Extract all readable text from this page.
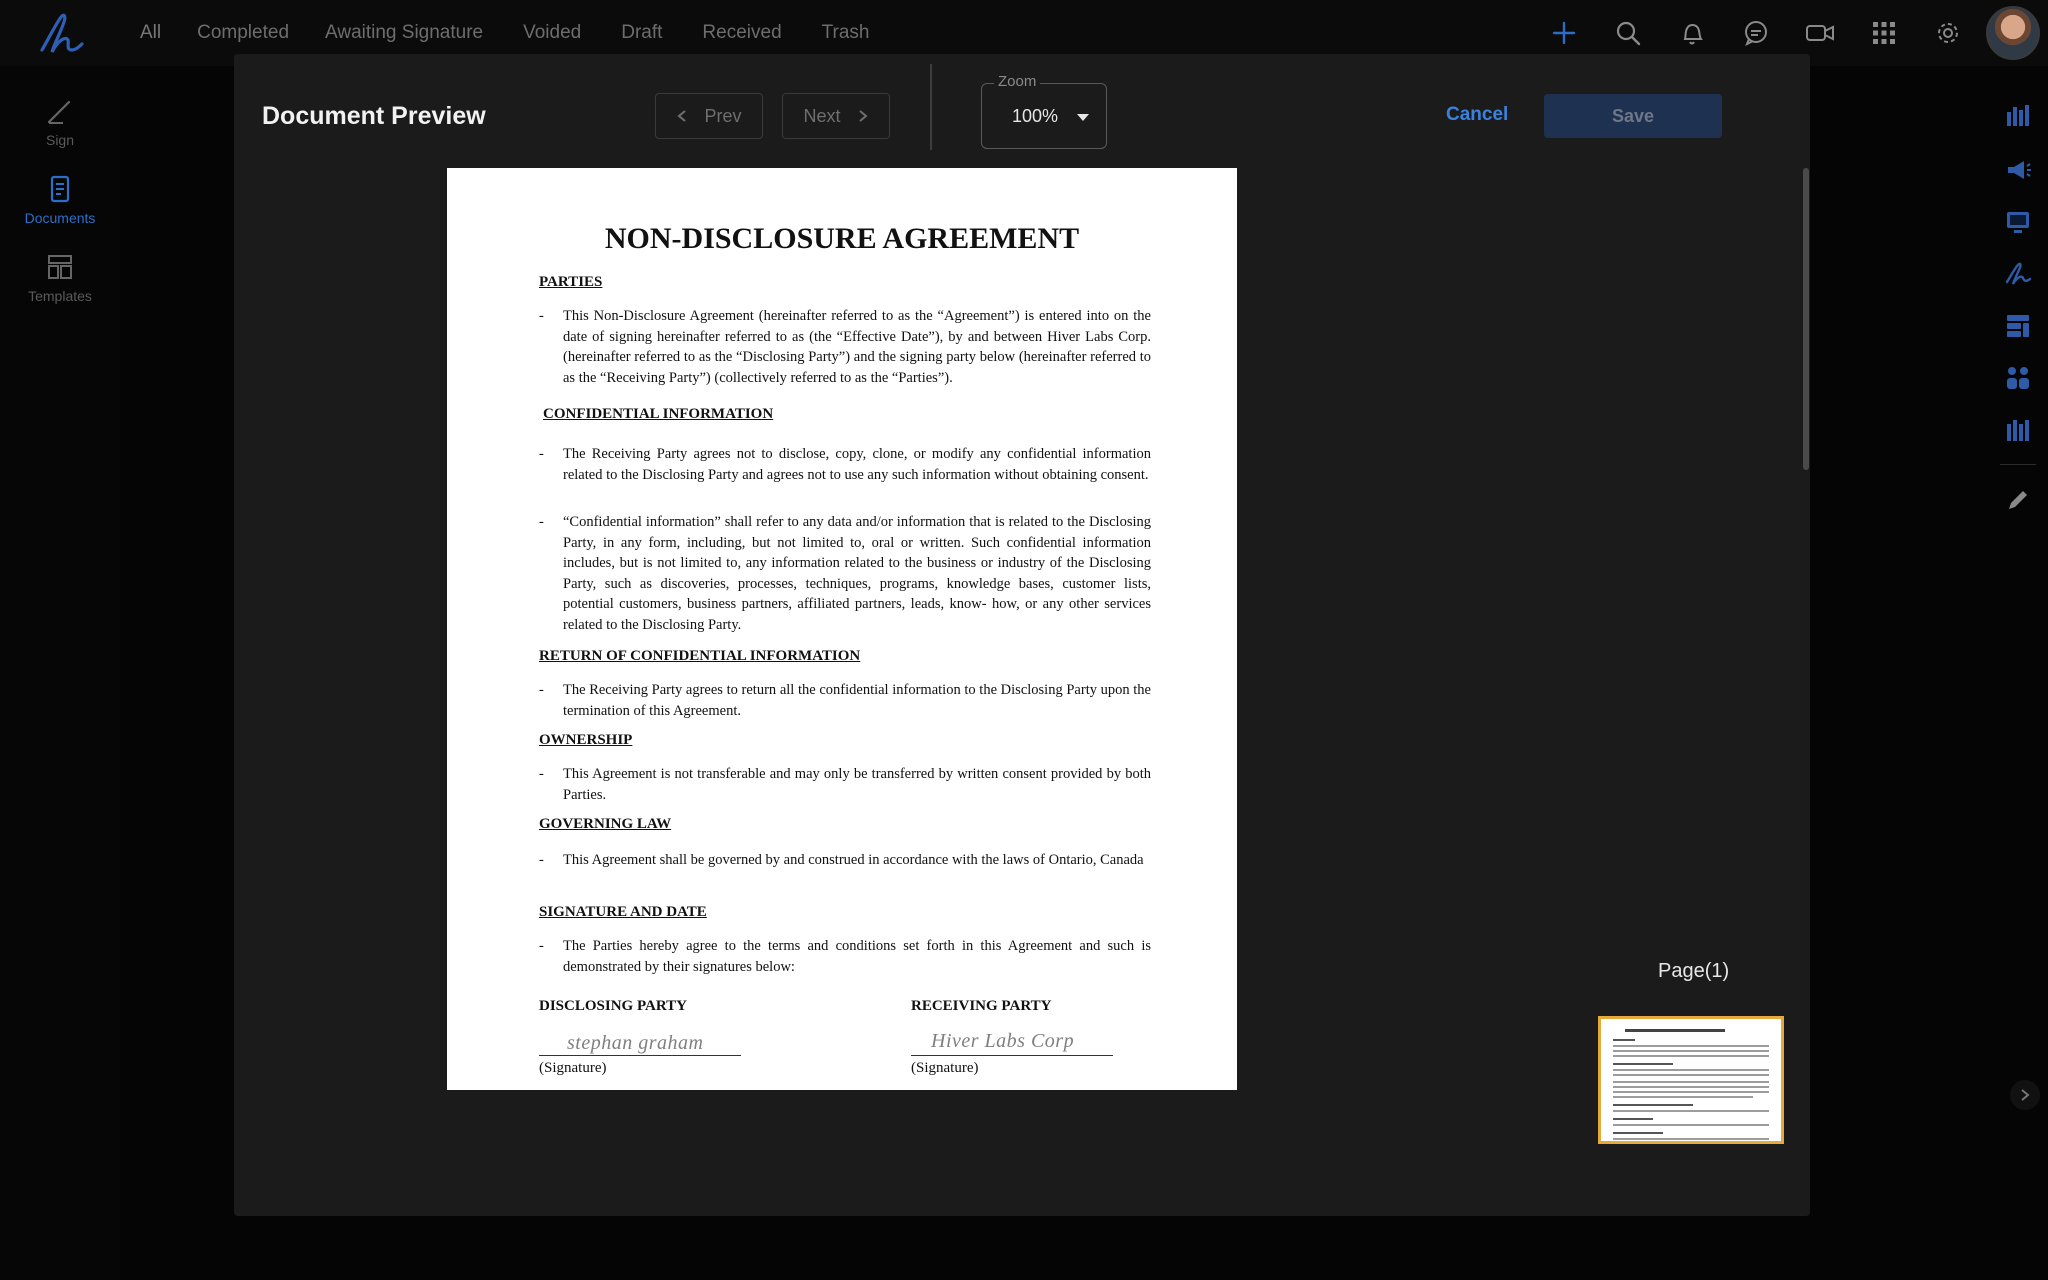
All Completed Awaiting Signature Voided Draft Received Trash
Sign
Documents
Templates
Document Preview	Prev	Next
Zoom
100%	Cancel	Save
Page(1)
NON-DISCLOSURE AGREEMENT
PARTIES
-	This Non-Disclosure Agreement (hereinafter referred to as the “Agreement”) is entered into on the date of signing hereinafter referred to as (the “Effective Date”), by and between Hiver Labs Corp. (hereinafter referred to as the “Disclosing Party”) and the signing party below (hereinafter referred to as the “Receiving Party”) (collectively referred to as the “Parties”).
CONFIDENTIAL INFORMATION
-	The Receiving Party agrees not to disclose, copy, clone, or modify any confidential information related to the Disclosing Party and agrees not to use any such information without obtaining consent.
-	“Confidential information” shall refer to any data and/or information that is related to the Disclosing Party, in any form, including, but not limited to, oral or written. Such confidential information includes, but is not limited to, any information related to the business or industry of the Disclosing Party, such as discoveries, processes, techniques, programs, knowledge bases, customer lists, potential customers, business partners, affiliated partners, leads, know- how, or any other services related to the Disclosing Party.
RETURN OF CONFIDENTIAL INFORMATION
-	The Receiving Party agrees to return all the confidential information to the Disclosing Party upon the termination of this Agreement.
OWNERSHIP
-	This Agreement is not transferable and may only be transferred by written consent provided by both Parties.
GOVERNING LAW
-	This Agreement shall be governed by and construed in accordance with the laws of Ontario, Canada
SIGNATURE AND DATE
-	The Parties hereby agree to the terms and conditions set forth in this Agreement and such is demonstrated by their signatures below:
DISCLOSING PARTY	RECEIVING PARTY
stephan graham	Hiver Labs Corp
(Signature)	(Signature)
